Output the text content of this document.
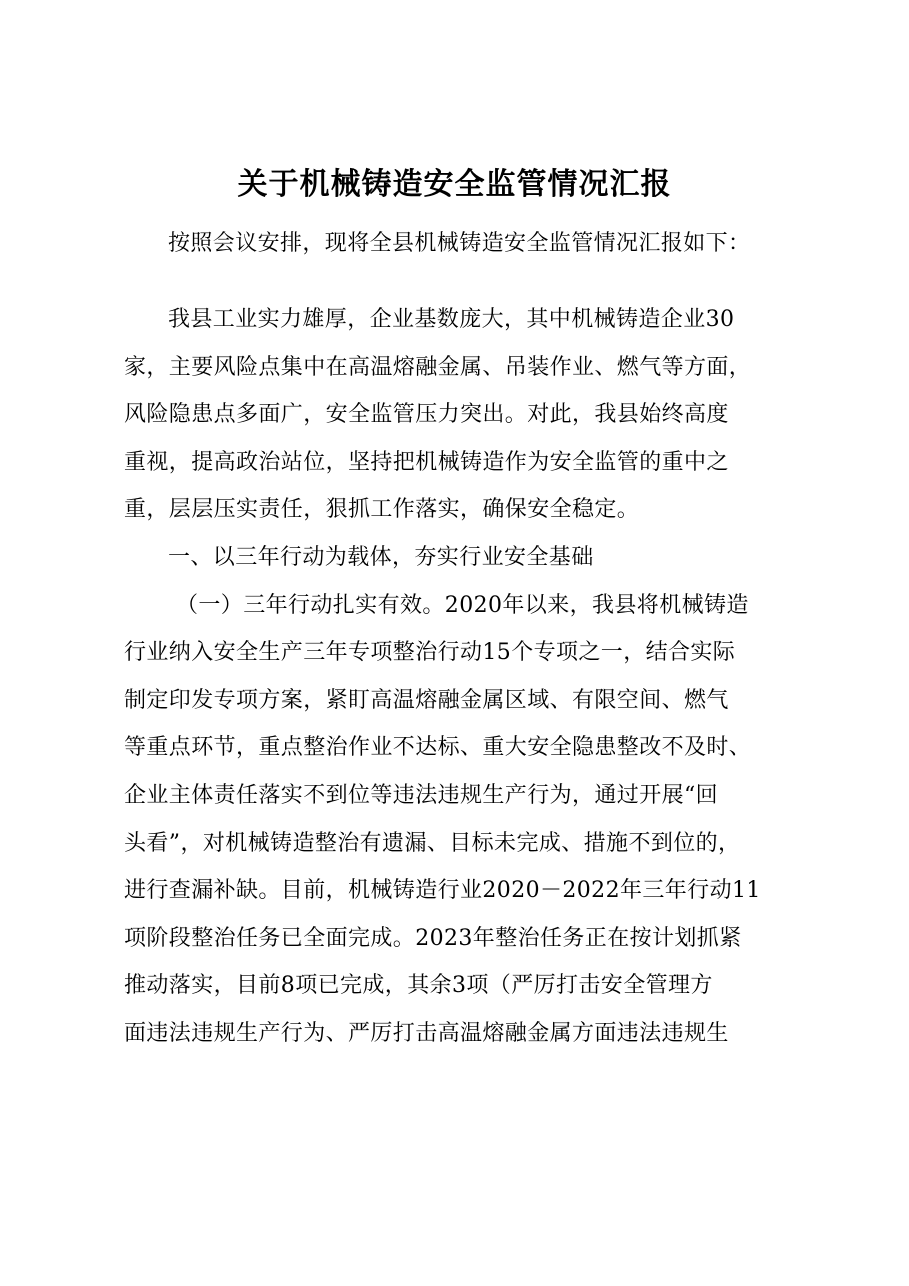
关于机械铸造安全监管情况汇报
按照会议安排，现将全县机械铸造安全监管情况汇报如下：
我县工业实力雄厚，企业基数庞大，其中机械铸造企业30
家，主要风险点集中在高温熔融金属、吊装作业、燃气等方面，
风险隐患点多面广，安全监管压力突出。对此，我县始终高度
重视，提高政治站位，坚持把机械铸造作为安全监管的重中之
重，层层压实责任，狠抓工作落实，确保安全稳定。
一、以三年行动为载体，夯实行业安全基础
（一）三年行动扎实有效。2020年以来，我县将机械铸造
行业纳入安全生产三年专项整治行动15个专项之一，结合实际
制定印发专项方案，紧盯高温熔融金属区域、有限空间、燃气
等重点环节，重点整治作业不达标、重大安全隐患整改不及时、
企业主体责任落实不到位等违法违规生产行为，通过开展“回
头看”，对机械铸造整治有遗漏、目标未完成、措施不到位的，
进行查漏补缺。目前，机械铸造行业2020－2022年三年行动11
项阶段整治任务已全面完成。2023年整治任务正在按计划抓紧
推动落实，目前8项已完成，其余3项（严厉打击安全管理方
面违法违规生产行为、严厉打击高温熔融金属方面违法违规生
